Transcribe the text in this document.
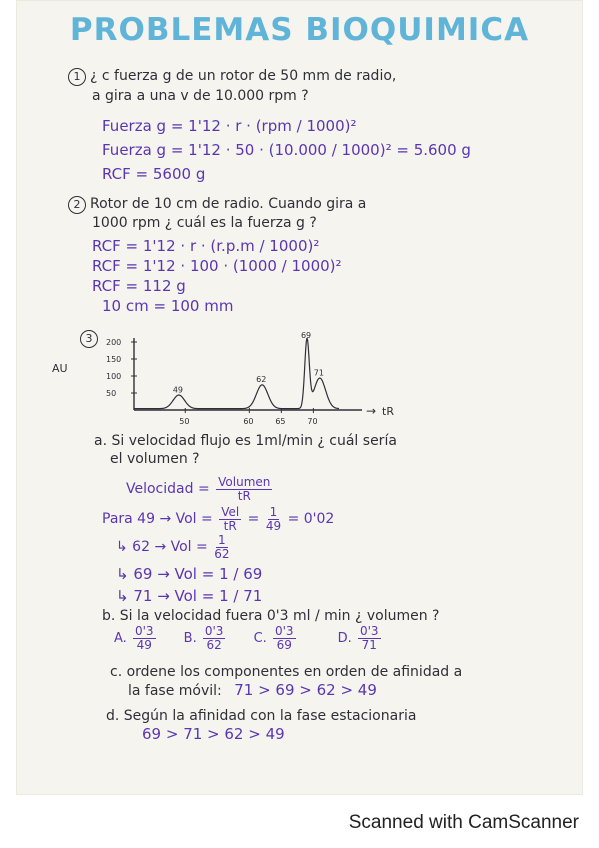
PROBLEMAS BIOQUIMICA
1 ¿ c fuerza g de un rotor de 50 mm de radio,
a gira a una v de 10.000 rpm ?
Fuerza g = 1'12 · r · (rpm / 1000)²
Fuerza g = 1'12 · 50 · (10.000 / 1000)² = 5.600 g
RCF = 5600 g
2 Rotor de 10 cm de radio. Cuando gira a
1000 rpm ¿ cuál es la fuerza g ?
RCF = 1'12 · r · (r.p.m / 1000)²
RCF = 1'12 · 100 · (1000 / 1000)²
RCF = 112 g
10 cm = 100 mm
3
→
AU
tR
200
150
100
50
50	60	65	70
49
62
69
71
a. Si velocidad flujo es 1ml/min ¿ cuál sería
el volumen ?
Velocidad = Volumen
tR
Para 49 → Vol = Vel
tR = $\frac{1}{49} = 0'02$
↳ 62 → Vol = $\frac{1}{62}$
↳ 69 → Vol = 1 / 69
↳ 71 → Vol = 1 / 71
b. Si la velocidad fuera 0'3 ml / min ¿ volumen ?
A. $\frac{0'3}{49} B$. $\frac{0'3}{62} C$. $\frac{0'3}{69}$	D. $\frac{0'3}{71}$
c. ordene los componentes en orden de afinidad a
la fase móvil: 71 > 69 > 62 > 49
d. Según la afinidad con la fase estacionaria
69 > 71 > 62 > 49
Scanned with CamScanner
